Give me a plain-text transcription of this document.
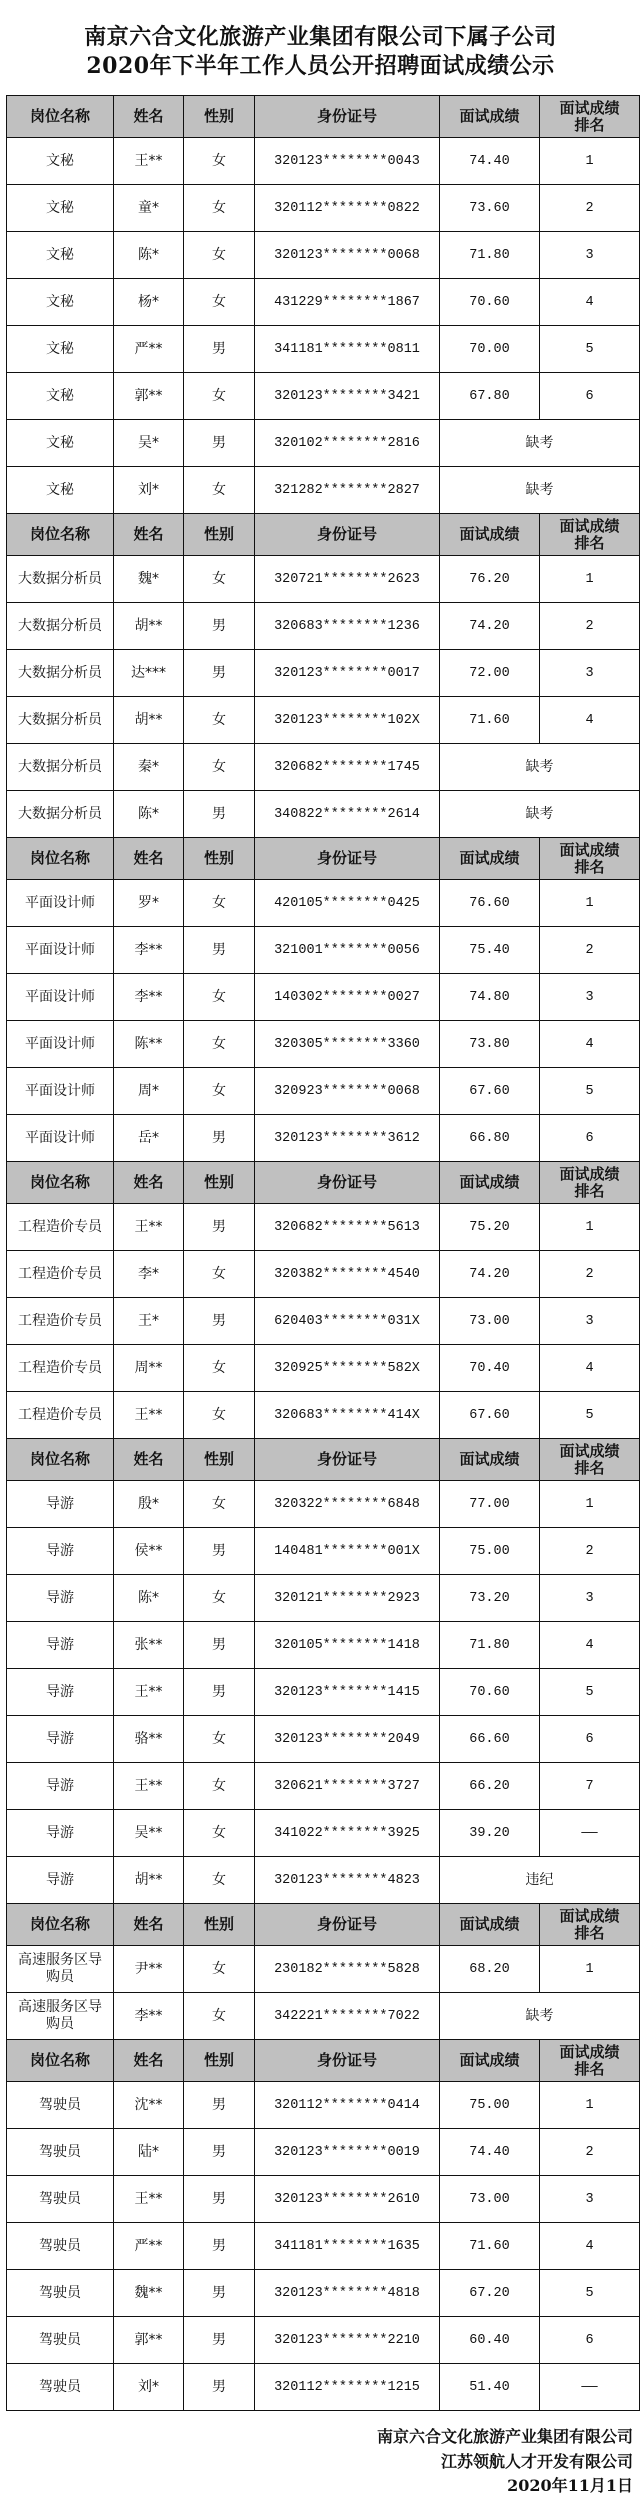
南京六合文化旅游产业集团有限公司下属子公司
2020年下半年工作人员公开招聘面试成绩公示
岗位名称	姓名	性别	身份证号	面试成绩	面试成绩排名
文秘	王**	女	320123********0043	74.40	1
文秘	童*	女	320112********0822	73.60	2
文秘	陈*	女	320123********0068	71.80	3
文秘	杨*	女	431229********1867	70.60	4
文秘	严**	男	341181********0811	70.00	5
文秘	郭**	女	320123********3421	67.80	6
文秘	吴*	男	320102********2816	缺考	
文秘	刘*	女	321282********2827	缺考	
岗位名称	姓名	性别	身份证号	面试成绩	面试成绩排名
大数据分析员	魏*	女	320721********2623	76.20	1
大数据分析员	胡**	男	320683********1236	74.20	2
大数据分析员	达***	男	320123********0017	72.00	3
大数据分析员	胡**	女	320123********102X	71.60	4
大数据分析员	秦*	女	320682********1745	缺考	
大数据分析员	陈*	男	340822********2614	缺考	
岗位名称	姓名	性别	身份证号	面试成绩	面试成绩排名
平面设计师	罗*	女	420105********0425	76.60	1
平面设计师	李**	男	321001********0056	75.40	2
平面设计师	李**	女	140302********0027	74.80	3
平面设计师	陈**	女	320305********3360	73.80	4
平面设计师	周*	女	320923********0068	67.60	5
平面设计师	岳*	男	320123********3612	66.80	6
岗位名称	姓名	性别	身份证号	面试成绩	面试成绩排名
工程造价专员	王**	男	320682********5613	75.20	1
工程造价专员	李*	女	320382********4540	74.20	2
工程造价专员	王*	男	620403********031X	73.00	3
工程造价专员	周**	女	320925********582X	70.40	4
工程造价专员	王**	女	320683********414X	67.60	5
岗位名称	姓名	性别	身份证号	面试成绩	面试成绩排名
导游	殷*	女	320322********6848	77.00	1
导游	侯**	男	140481********001X	75.00	2
导游	陈*	女	320121********2923	73.20	3
导游	张**	男	320105********1418	71.80	4
导游	王**	男	320123********1415	70.60	5
导游	骆**	女	320123********2049	66.60	6
导游	王**	女	320621********3727	66.20	7
导游	吴**	女	341022********3925	39.20	——
导游	胡**	女	320123********4823	违纪	
岗位名称	姓名	性别	身份证号	面试成绩	面试成绩排名
高速服务区导购员	尹**	女	230182********5828	68.20	1
高速服务区导购员	李**	女	342221********7022	缺考	
岗位名称	姓名	性别	身份证号	面试成绩	面试成绩排名
驾驶员	沈**	男	320112********0414	75.00	1
驾驶员	陆*	男	320123********0019	74.40	2
驾驶员	王**	男	320123********2610	73.00	3
驾驶员	严**	男	341181********1635	71.60	4
驾驶员	魏**	男	320123********4818	67.20	5
驾驶员	郭**	男	320123********2210	60.40	6
驾驶员	刘*	男	320112********1215	51.40	——
南京六合文化旅游产业集团有限公司
江苏领航人才开发有限公司
2020年11月1日
